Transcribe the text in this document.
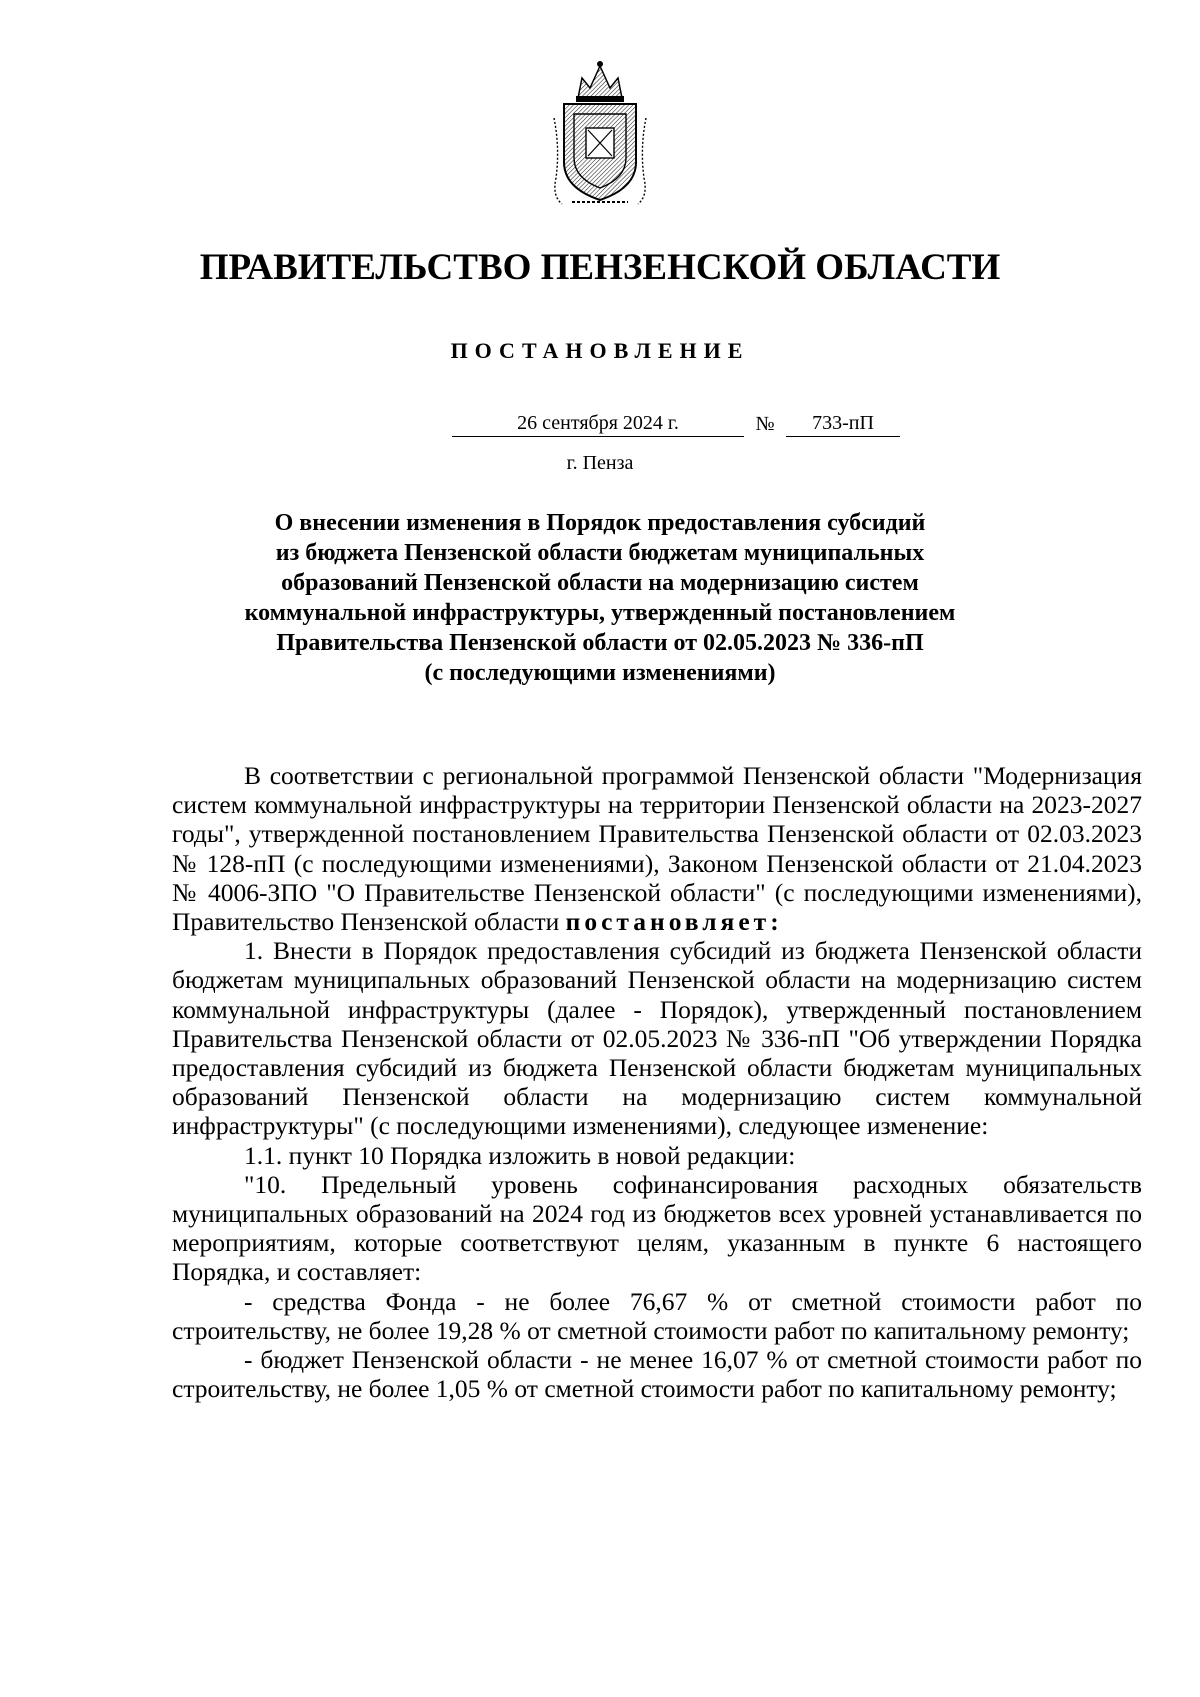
ПРАВИТЕЛЬСТВО ПЕНЗЕНСКОЙ ОБЛАСТИ
ПОСТАНОВЛЕНИЕ
26 сентября 2024 г.	№	733-пП
г. Пенза
О внесении изменения в Порядок предоставления субсидий
из бюджета Пензенской области бюджетам муниципальных
образований Пензенской области на модернизацию систем
коммунальной инфраструктуры, утвержденный постановлением
Правительства Пензенской области от 02.05.2023 № 336-пП
(с последующими изменениями)

В соответствии с региональной программой Пензенской области "Модернизация систем коммунальной инфраструктуры на территории Пензенской области на 2023-2027 годы", утвержденной постановлением Правительства Пензенской области от 02.03.2023 № 128-пП (с последующими изменениями), Законом Пензенской области от 21.04.2023 № 4006-ЗПО "О Правительстве Пензенской области" (с последующими изменениями), Правительство Пензенской области постановляет:

1. Внести в Порядок предоставления субсидий из бюджета Пензенской области бюджетам муниципальных образований Пензенской области на модернизацию систем коммунальной инфраструктуры (далее - Порядок), утвержденный постановлением Правительства Пензенской области от 02.05.2023 № 336-пП "Об утверждении Порядка предоставления субсидий из бюджета Пензенской области бюджетам муниципальных образований Пензенской области на модернизацию систем коммунальной инфраструктуры" (с последующими изменениями), следующее изменение:

1.1. пункт 10 Порядка изложить в новой редакции:

"10. Предельный уровень софинансирования расходных обязательств муниципальных образований на 2024 год из бюджетов всех уровней устанавливается по мероприятиям, которые соответствуют целям, указанным в пункте 6 настоящего Порядка, и составляет:

- средства Фонда - не более 76,67 % от сметной стоимости работ по строительству, не более 19,28 % от сметной стоимости работ по капитальному ремонту;

- бюджет Пензенской области - не менее 16,07 % от сметной стоимости работ по строительству, не более 1,05 % от сметной стоимости работ по капитальному ремонту;
